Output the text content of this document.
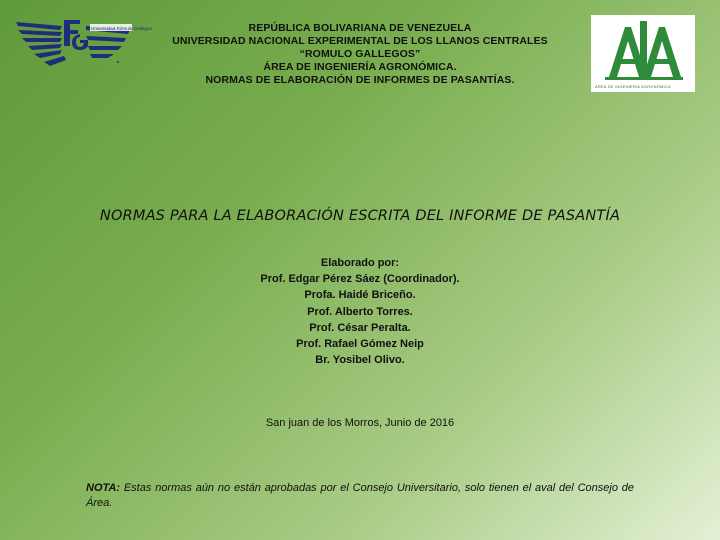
Universidad Rómulo Gallegos	REPÚBLICA BOLIVARIANA DE VENEZUELA
UNIVERSIDAD NACIONAL EXPERIMENTAL DE LOS LLANOS CENTRALES
“ROMULO GALLEGOS”
ÁREA DE INGENIERÍA AGRONÓMICA.
NORMAS DE ELABORACIÓN DE INFORMES DE PASANTÍAS.
ÁREA DE INGENIERÍA AGRONÓMICA
NORMAS PARA LA ELABORACIÓN ESCRITA DEL INFORME DE PASANTÍA
Elaborado por:
Prof. Edgar Pérez Sáez (Coordinador).
Profa. Haidé Briceño.
Prof. Alberto Torres.
Prof. César Peralta.
Prof. Rafael Gómez Neip
Br. Yosibel Olivo.
San juan de los Morros, Junio de 2016
NOTA: Estas normas aún no están aprobadas por el Consejo Universitario, solo tienen el aval del Consejo de Área.
